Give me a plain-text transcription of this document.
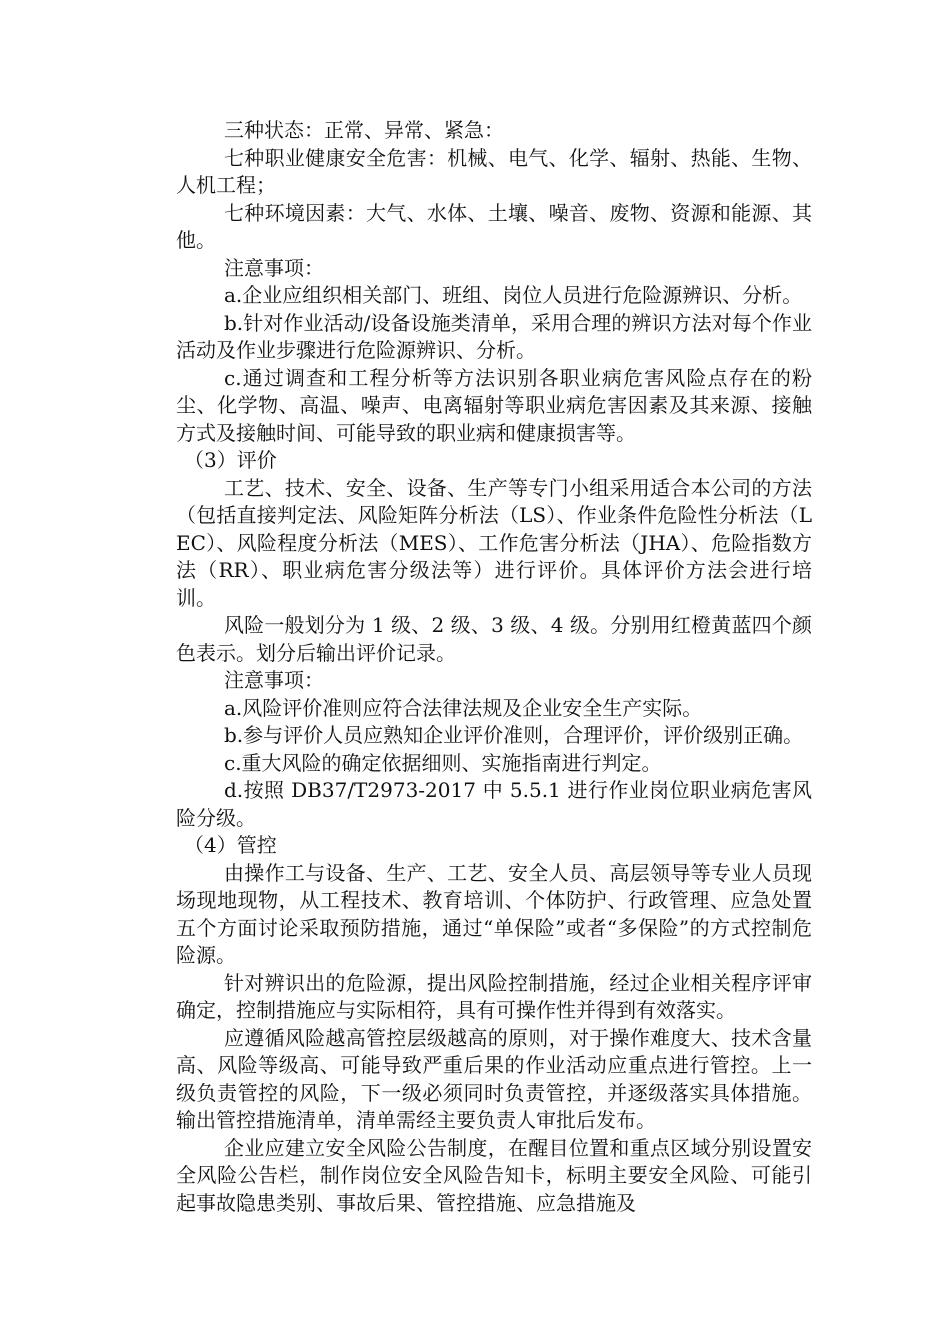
三种状态：正常、异常、紧急：

七种职业健康安全危害：机械、电气、化学、辐射、热能、生物、人机工程；

七种环境因素：大气、水体、土壤、噪音、废物、资源和能源、其他。

注意事项：

a.企业应组织相关部门、班组、岗位人员进行危险源辨识、分析。

b.针对作业活动/设备设施类清单，采用合理的辨识方法对每个作业活动及作业步骤进行危险源辨识、分析。

c.通过调查和工程分析等方法识别各职业病危害风险点存在的粉尘、化学物、高温、噪声、电离辐射等职业病危害因素及其来源、接触方式及接触时间、可能导致的职业病和健康损害等。

（3）评价

工艺、技术、安全、设备、生产等专门小组采用适合本公司的方法（包括直接判定法、风险矩阵分析法（LS）、作业条件危险性分析法（LEC）、风险程度分析法（MES）、工作危害分析法（JHA）、危险指数方法（RR）、职业病危害分级法等）进行评价。具体评价方法会进行培训。

风险一般划分为 1 级、2 级、3 级、4 级。分别用红橙黄蓝四个颜色表示。划分后输出评价记录。

注意事项：

a.风险评价准则应符合法律法规及企业安全生产实际。

b.参与评价人员应熟知企业评价准则，合理评价，评价级别正确。

c.重大风险的确定依据细则、实施指南进行判定。

d.按照 DB37/T2973-2017 中 5.5.1 进行作业岗位职业病危害风险分级。

（4）管控

由操作工与设备、生产、工艺、安全人员、高层领导等专业人员现场现地现物，从工程技术、教育培训、个体防护、行政管理、应急处置五个方面讨论采取预防措施，通过“单保险”或者“多保险”的方式控制危险源。

针对辨识出的危险源，提出风险控制措施，经过企业相关程序评审确定，控制措施应与实际相符，具有可操作性并得到有效落实。

应遵循风险越高管控层级越高的原则，对于操作难度大、技术含量高、风险等级高、可能导致严重后果的作业活动应重点进行管控。上一级负责管控的风险，下一级必须同时负责管控，并逐级落实具体措施。输出管控措施清单，清单需经主要负责人审批后发布。

企业应建立安全风险公告制度，在醒目位置和重点区域分别设置安全风险公告栏，制作岗位安全风险告知卡，标明主要安全风险、可能引起事故隐患类别、事故后果、管控措施、应急措施及
